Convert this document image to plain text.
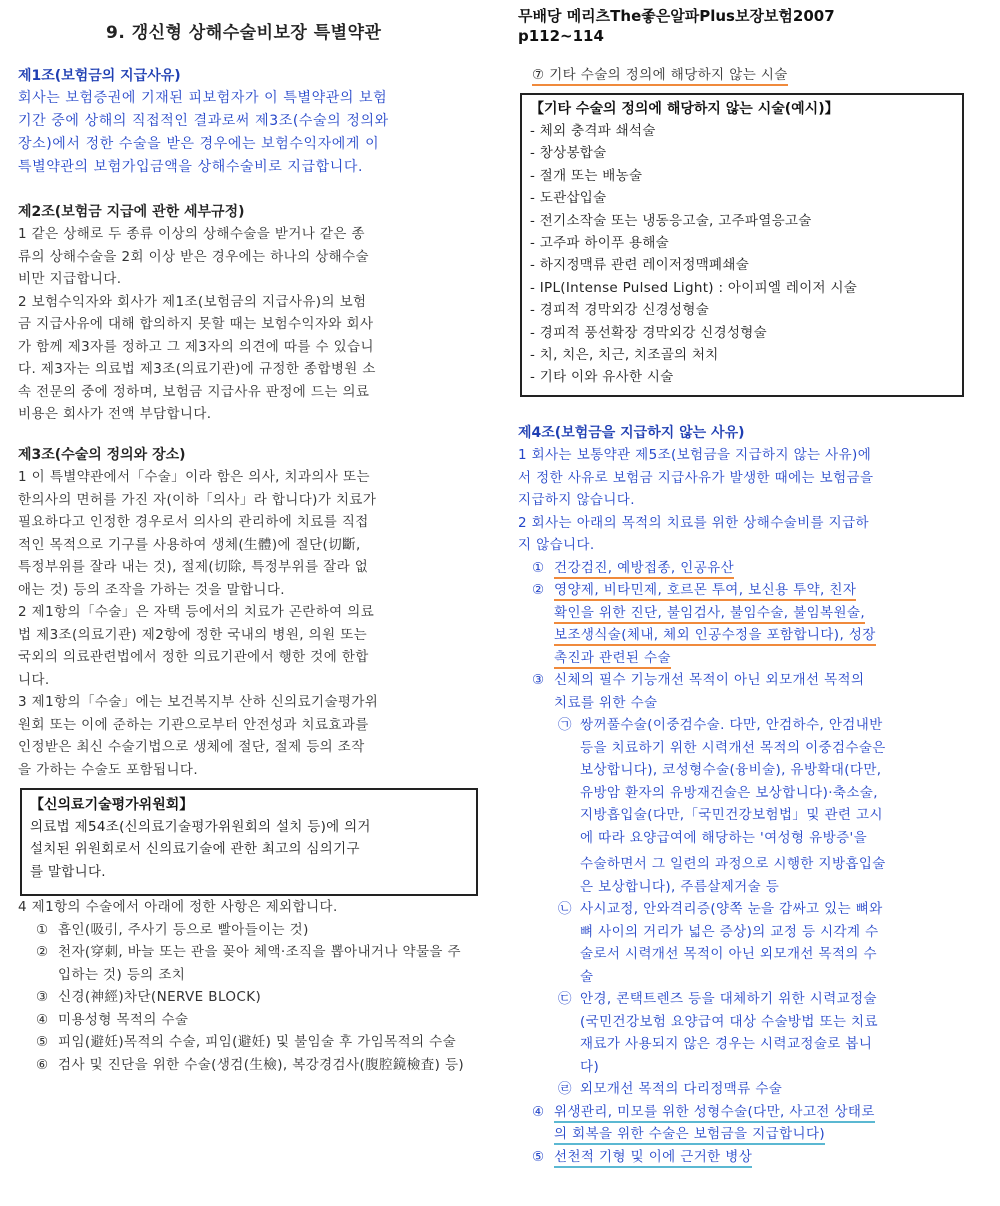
9. 갱신형 상해수술비보장 특별약관
제1조(보험금의 지급사유)
회사는 보험증권에 기재된 피보험자가 이 특별약관의 보험
기간 중에 상해의 직접적인 결과로써 제3조(수술의 정의와
장소)에서 정한 수술을 받은 경우에는 보험수익자에게 이
특별약관의 보험가입금액을 상해수술비로 지급합니다.
제2조(보험금 지급에 관한 세부규정)
1 같은 상해로 두 종류 이상의 상해수술을 받거나 같은 종
류의 상해수술을 2회 이상 받은 경우에는 하나의 상해수술
비만 지급합니다.
2 보험수익자와 회사가 제1조(보험금의 지급사유)의 보험
금 지급사유에 대해 합의하지 못할 때는 보험수익자와 회사
가 함께 제3자를 정하고 그 제3자의 의견에 따를 수 있습니
다. 제3자는 의료법 제3조(의료기관)에 규정한 종합병원 소
속 전문의 중에 정하며, 보험금 지급사유 판정에 드는 의료
비용은 회사가 전액 부담합니다.
제3조(수술의 정의와 장소)
1 이 특별약관에서「수술」이라 함은 의사, 치과의사 또는
한의사의 면허를 가진 자(이하「의사」라 합니다)가 치료가
필요하다고 인정한 경우로서 의사의 관리하에 치료를 직접
적인 목적으로 기구를 사용하여 생체(生體)에 절단(切斷,
특정부위를 잘라 내는 것), 절제(切除, 특정부위를 잘라 없
애는 것) 등의 조작을 가하는 것을 말합니다.
2 제1항의「수술」은 자택 등에서의 치료가 곤란하여 의료
법 제3조(의료기관) 제2항에 정한 국내의 병원, 의원 또는
국외의 의료관련법에서 정한 의료기관에서 행한 것에 한합
니다.
3 제1항의「수술」에는 보건복지부 산하 신의료기술평가위
원회 또는 이에 준하는 기관으로부터 안전성과 치료효과를
인정받은 최신 수술기법으로 생체에 절단, 절제 등의 조작
을 가하는 수술도 포함됩니다.
【신의료기술평가위원회】
의료법 제54조(신의료기술평가위원회의 설치 등)에 의거
설치된 위원회로서 신의료기술에 관한 최고의 심의기구
를 말합니다.
4 제1항의 수술에서 아래에 정한 사항은 제외합니다.
① 흡인(吸引, 주사기 등으로 빨아들이는 것)
② 천자(穿刺, 바늘 또는 관을 꽂아 체액·조직을 뽑아내거나 약물을 주입하는 것) 등의 조치
③ 신경(神經)차단(NERVE BLOCK)
④ 미용성형 목적의 수술
⑤ 피임(避妊)목적의 수술, 피임(避妊) 및 불임술 후 가임목적의 수술
⑥ 검사 및 진단을 위한 수술(생검(生檢), 복강경검사(腹腔鏡檢査) 등)
무배당 메리츠The좋은알파Plus보장보험2007
p112~114
⑦ 기타 수술의 정의에 해당하지 않는 시술
【기타 수술의 정의에 해당하지 않는 시술(예시)】
- 체외 충격파 쇄석술
- 창상봉합술
- 절개 또는 배농술
- 도관삽입술
- 전기소작술 또는 냉동응고술, 고주파열응고술
- 고주파 하이푸 용해술
- 하지정맥류 관련 레이저정맥폐쇄술
- IPL(Intense Pulsed Light) : 아이피엘 레이저 시술
- 경피적 경막외강 신경성형술
- 경피적 풍선확장 경막외강 신경성형술
- 치, 치은, 치근, 치조골의 처치
- 기타 이와 유사한 시술
제4조(보험금을 지급하지 않는 사유)
1 회사는 보통약관 제5조(보험금을 지급하지 않는 사유)에
서 정한 사유로 보험금 지급사유가 발생한 때에는 보험금을
지급하지 않습니다.
2 회사는 아래의 목적의 치료를 위한 상해수술비를 지급하
지 않습니다.
① 건강검진, 예방접종, 인공유산
② 영양제, 비타민제, 호르몬 투여, 보신용 투약, 친자
확인을 위한 진단, 불임검사, 불임수술, 불임복원술,
보조생식술(체내, 체외 인공수정을 포함합니다), 성장
촉진과 관련된 수술
③ 신체의 필수 기능개선 목적이 아닌 외모개선 목적의
치료를 위한 수술
㉠ 쌍꺼풀수술(이중검수술. 다만, 안검하수, 안검내반
등을 치료하기 위한 시력개선 목적의 이중검수술은
보상합니다), 코성형수술(융비술), 유방확대(다만,
유방암 환자의 유방재건술은 보상합니다)·축소술,
지방흡입술(다만,「국민건강보험법」및 관련 고시
에 따라 요양급여에 해당하는 '여성형 유방증'을
수술하면서 그 일련의 과정으로 시행한 지방흡입술
은 보상합니다), 주름살제거술 등
㉡ 사시교정, 안와격리증(양쪽 눈을 감싸고 있는 뼈와
뼈 사이의 거리가 넓은 증상)의 교정 등 시각계 수
술로서 시력개선 목적이 아닌 외모개선 목적의 수
술
㉢ 안경, 콘택트렌즈 등을 대체하기 위한 시력교정술
(국민건강보험 요양급여 대상 수술방법 또는 치료
재료가 사용되지 않은 경우는 시력교정술로 봅니
다)
㉣ 외모개선 목적의 다리정맥류 수술
④ 위생관리, 미모를 위한 성형수술(다만, 사고전 상태로
의 회복을 위한 수술은 보험금을 지급합니다)
⑤ 선천적 기형 및 이에 근거한 병상
